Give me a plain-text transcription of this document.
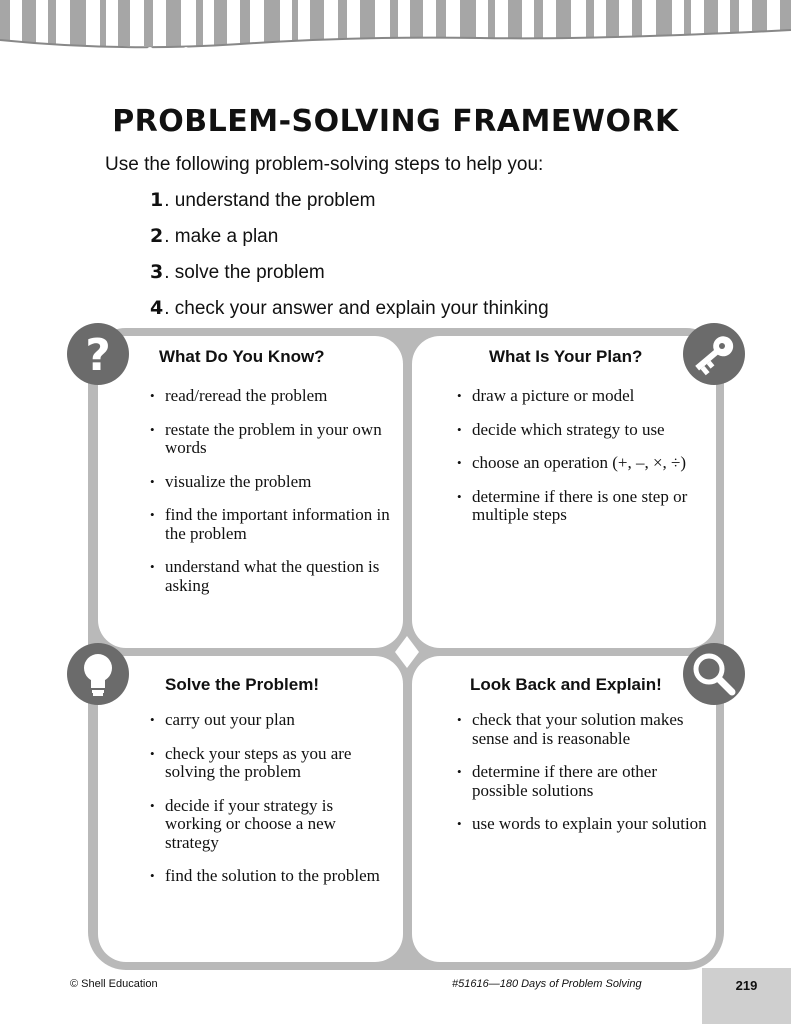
PROBLEM-SOLVING FRAMEWORK

Use the following problem-solving steps to help you:

1 . understand the problem
2 . make a plan
3 . solve the problem
4 . check your answer and explain your thinking
?	What Do You Know?
• read/reread the problem
• restate the problem in your own words
• visualize the problem
• find the important information in the problem
• understand what the question is asking
What Is Your Plan?
• draw a picture or model
• decide which strategy to use
• choose an operation (+, –, ×, ÷)
• determine if there is one step or multiple steps
Solve the Problem!
• carry out your plan
• check your steps as you are solving the problem
• decide if your strategy is working or choose a new strategy
• find the solution to the problem
Look Back and Explain!
• check that your solution makes sense and is reasonable
• determine if there are other possible solutions
• use words to explain your solution
© Shell Education	#51616—180 Days of Problem Solving	219
